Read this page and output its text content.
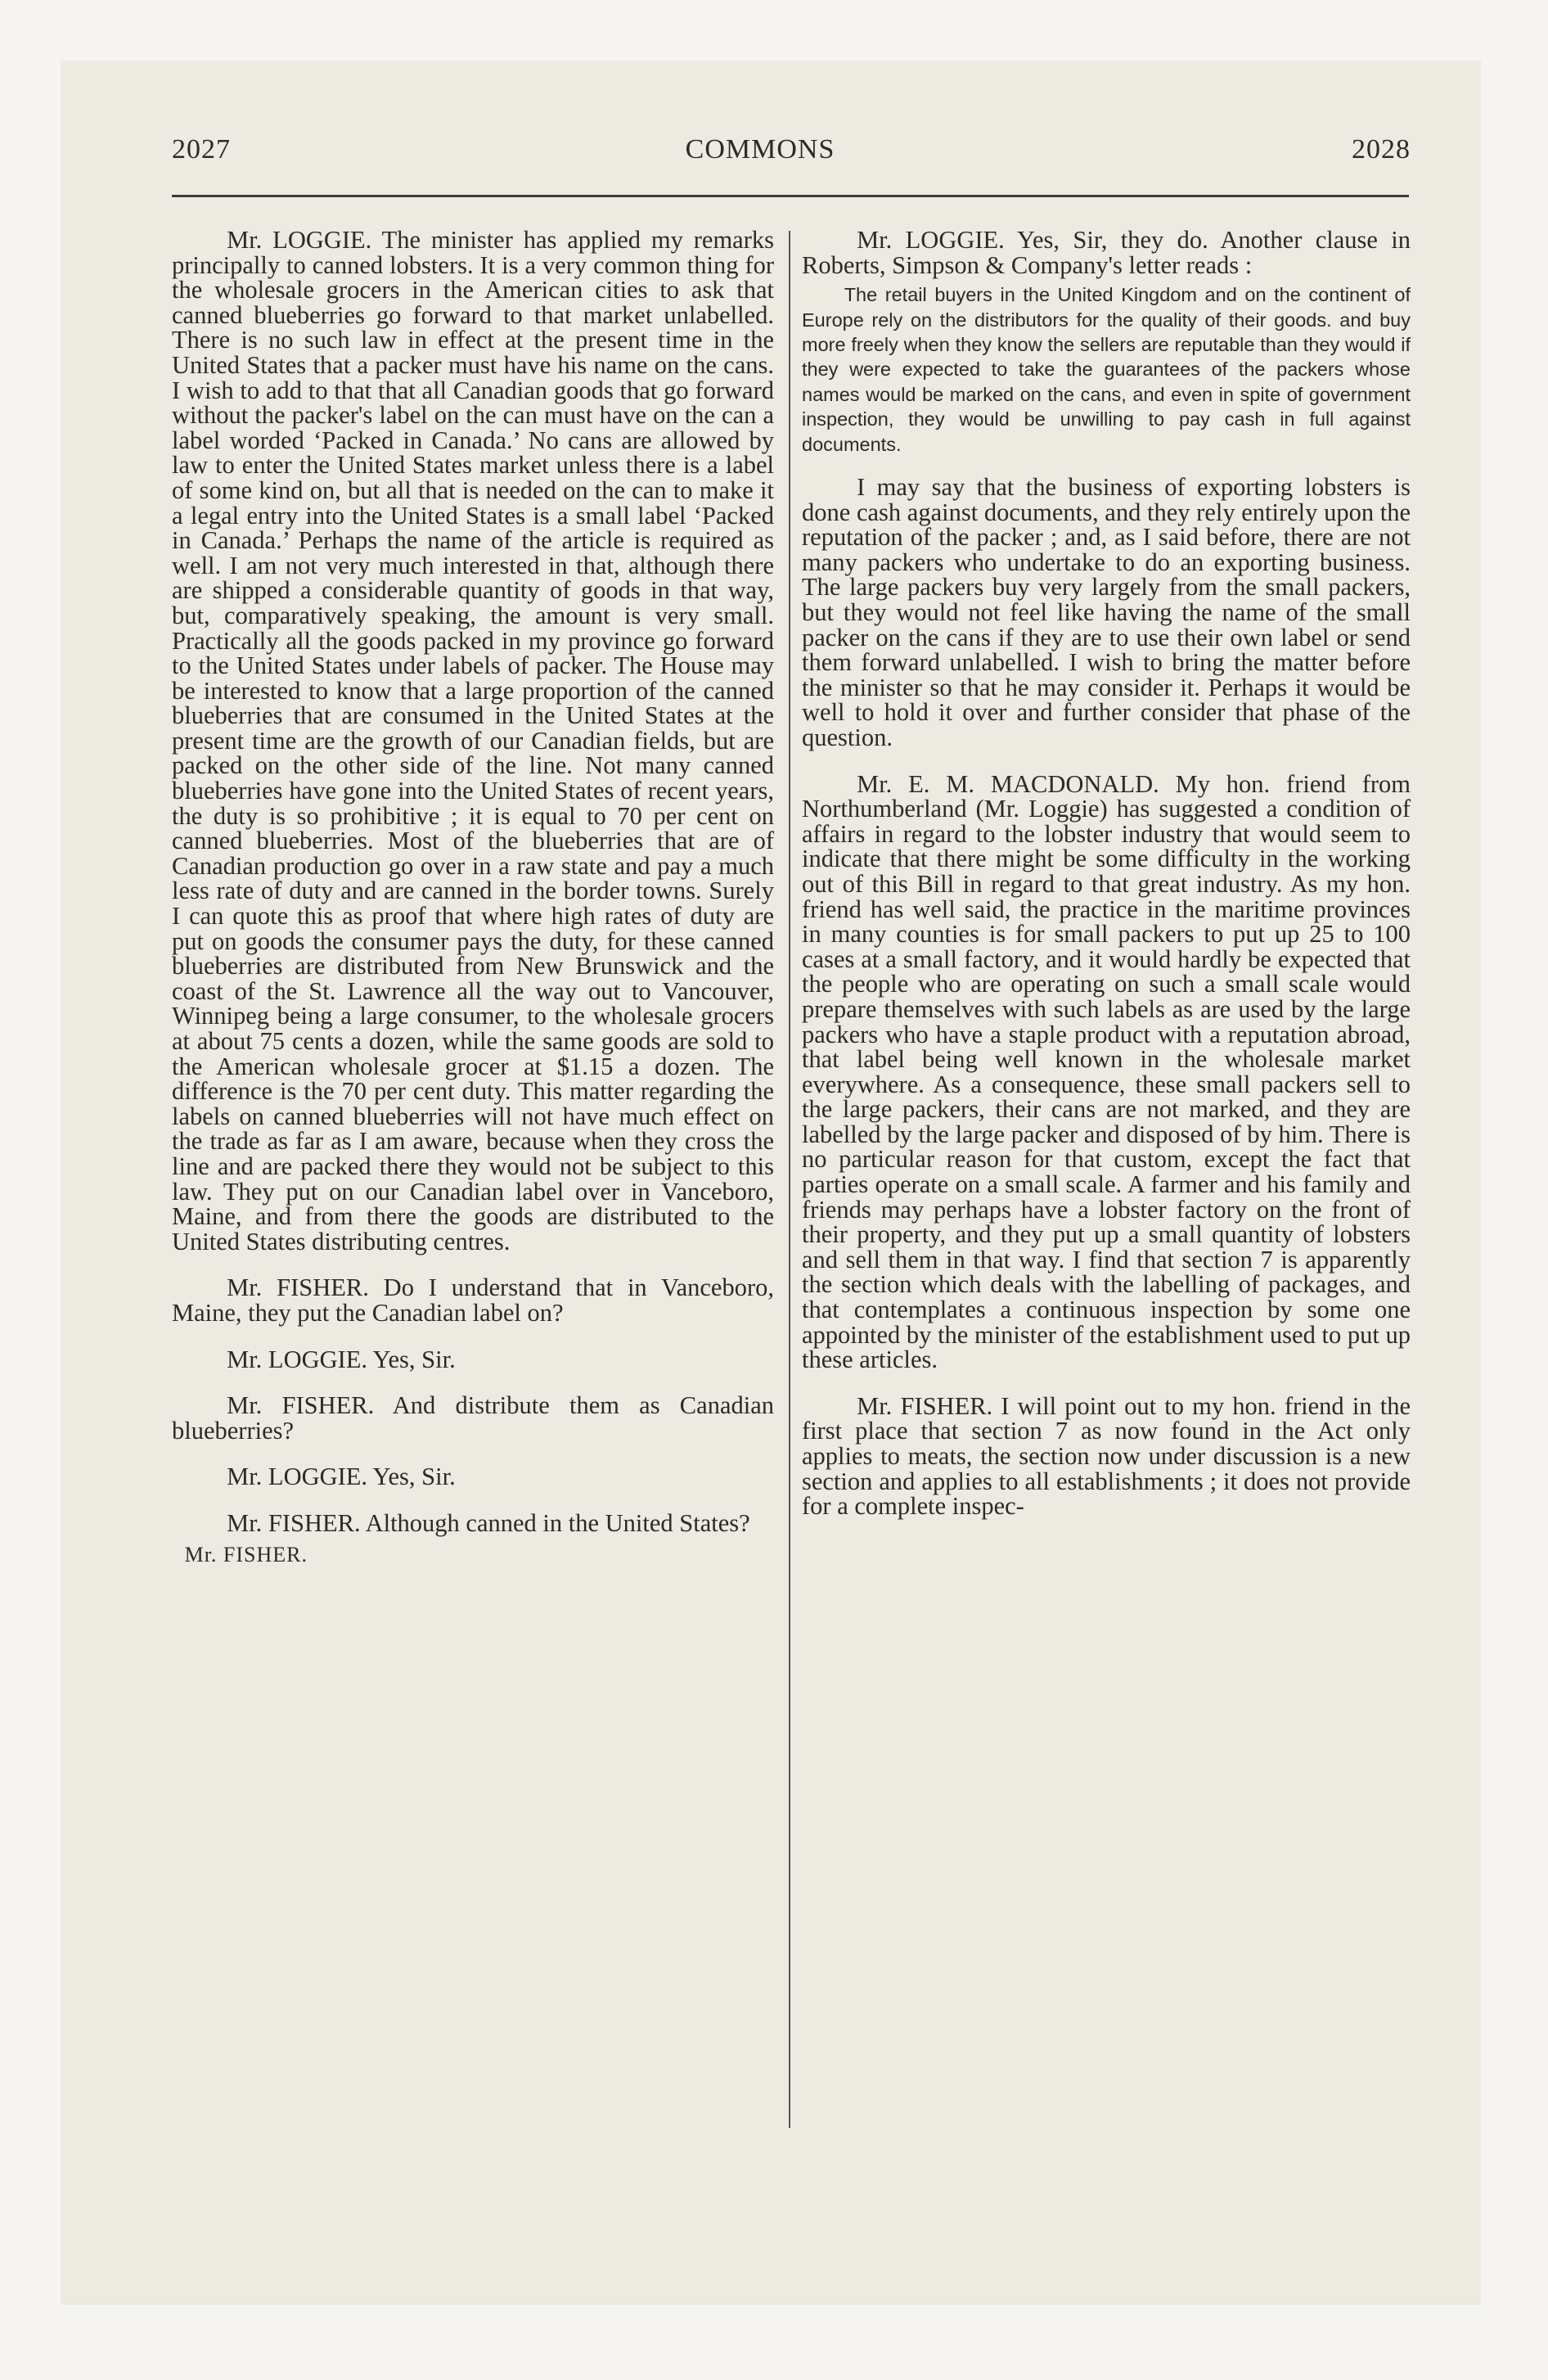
2027	COMMONS	2028

Mr. LOGGIE. The minister has applied my remarks principally to canned lobsters. It is a very common thing for the wholesale grocers in the American cities to ask that canned blueberries go forward to that market unlabelled. There is no such law in effect at the present time in the United States that a packer must have his name on the cans. I wish to add to that that all Canadian goods that go forward without the packer's label on the can must have on the can a label worded ‘Packed in Canada.’ No cans are allowed by law to enter the United States market unless there is a label of some kind on, but all that is needed on the can to make it a legal entry into the United States is a small label ‘Packed in Canada.’ Perhaps the name of the article is required as well. I am not very much interested in that, although there are shipped a considerable quantity of goods in that way, but, comparatively speaking, the amount is very small. Practically all the goods packed in my province go forward to the United States under labels of packer. The House may be interested to know that a large proportion of the canned blueberries that are consumed in the United States at the present time are the growth of our Canadian fields, but are packed on the other side of the line. Not many canned blueberries have gone into the United States of recent years, the duty is so prohibitive ; it is equal to 70 per cent on canned blueberries. Most of the blueberries that are of Canadian production go over in a raw state and pay a much less rate of duty and are canned in the border towns. Surely I can quote this as proof that where high rates of duty are put on goods the consumer pays the duty, for these canned blueberries are distributed from New Brunswick and the coast of the St. Lawrence all the way out to Vancouver, Winnipeg being a large consumer, to the wholesale grocers at about 75 cents a dozen, while the same goods are sold to the American wholesale grocer at $1.15 a dozen. The difference is the 70 per cent duty. This matter regarding the labels on canned blueberries will not have much effect on the trade as far as I am aware, because when they cross the line and are packed there they would not be subject to this law. They put on our Canadian label over in Vanceboro, Maine, and from there the goods are distributed to the United States distributing centres.

Mr. FISHER. Do I understand that in Vanceboro, Maine, they put the Canadian label on?

Mr. LOGGIE. Yes, Sir.

Mr. FISHER. And distribute them as Canadian blueberries?

Mr. LOGGIE. Yes, Sir.

Mr. FISHER. Although canned in the United States?

Mr. FISHER.

Mr. LOGGIE. Yes, Sir, they do. Another clause in Roberts, Simpson & Company's letter reads :

The retail buyers in the United Kingdom and on the continent of Europe rely on the distributors for the quality of their goods. and buy more freely when they know the sellers are reputable than they would if they were expected to take the guarantees of the packers whose names would be marked on the cans, and even in spite of government inspection, they would be unwilling to pay cash in full against documents.

I may say that the business of exporting lobsters is done cash against documents, and they rely entirely upon the reputation of the packer ; and, as I said before, there are not many packers who undertake to do an exporting business. The large packers buy very largely from the small packers, but they would not feel like having the name of the small packer on the cans if they are to use their own label or send them forward unlabelled. I wish to bring the matter before the minister so that he may consider it. Perhaps it would be well to hold it over and further consider that phase of the question.

Mr. E. M. MACDONALD. My hon. friend from Northumberland (Mr. Loggie) has suggested a condition of affairs in regard to the lobster industry that would seem to indicate that there might be some difficulty in the working out of this Bill in regard to that great industry. As my hon. friend has well said, the practice in the maritime provinces in many counties is for small packers to put up 25 to 100 cases at a small factory, and it would hardly be expected that the people who are operating on such a small scale would prepare themselves with such labels as are used by the large packers who have a staple product with a reputation abroad, that label being well known in the wholesale market everywhere. As a consequence, these small packers sell to the large packers, their cans are not marked, and they are labelled by the large packer and disposed of by him. There is no particular reason for that custom, except the fact that parties operate on a small scale. A farmer and his family and friends may perhaps have a lobster factory on the front of their property, and they put up a small quantity of lobsters and sell them in that way. I find that section 7 is apparently the section which deals with the labelling of packages, and that contemplates a continuous inspection by some one appointed by the minister of the establishment used to put up these articles.

Mr. FISHER. I will point out to my hon. friend in the first place that section 7 as now found in the Act only applies to meats, the section now under discussion is a new section and applies to all establishments ; it does not provide for a complete inspec-
